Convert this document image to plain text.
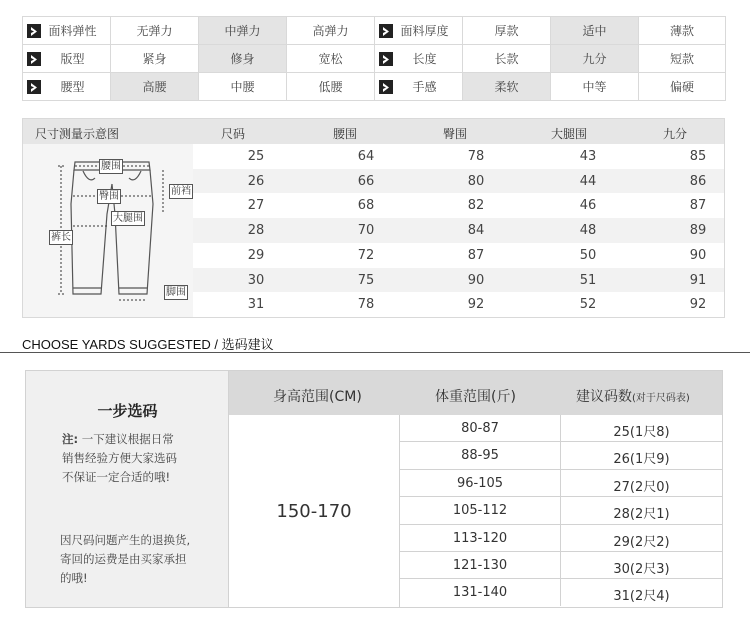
面料弹性	无弹力	中弹力	高弹力	面料厚度	厚款	适中	薄款

版型	紧身	修身	宽松	长度	长款	九分	短款

腰型	高腰	中腰	低腰	手感	柔软	中等	偏硬
尺寸测量示意图	尺码	腰围	臀围	大腿围	九分
腰围
臀围	前裆
大腿围
裤长
脚围
25	64	78	43	85
26	66	80	44	86
27	68	82	46	87
28	70	84	48	89
29	72	87	50	90
30	75	90	51	91
31	78	92	52	92
CHOOSE YARDS SUGGESTED / 选码建议
一步选码
注: 一下建议根据日常
销售经验方便大家选码
不保证一定合适的哦!
因尺码问题产生的退换货,
寄回的运费是由买家承担
的哦!
身高范围(CM)	体重范围(斤)	建议码数(对于尺码表)
150-170
80-87	25(1尺8)
88-95	26(1尺9)
96-105	27(2尺0)
105-112	28(2尺1)
113-120	29(2尺2)
121-130	30(2尺3)
131-140	31(2尺4)
